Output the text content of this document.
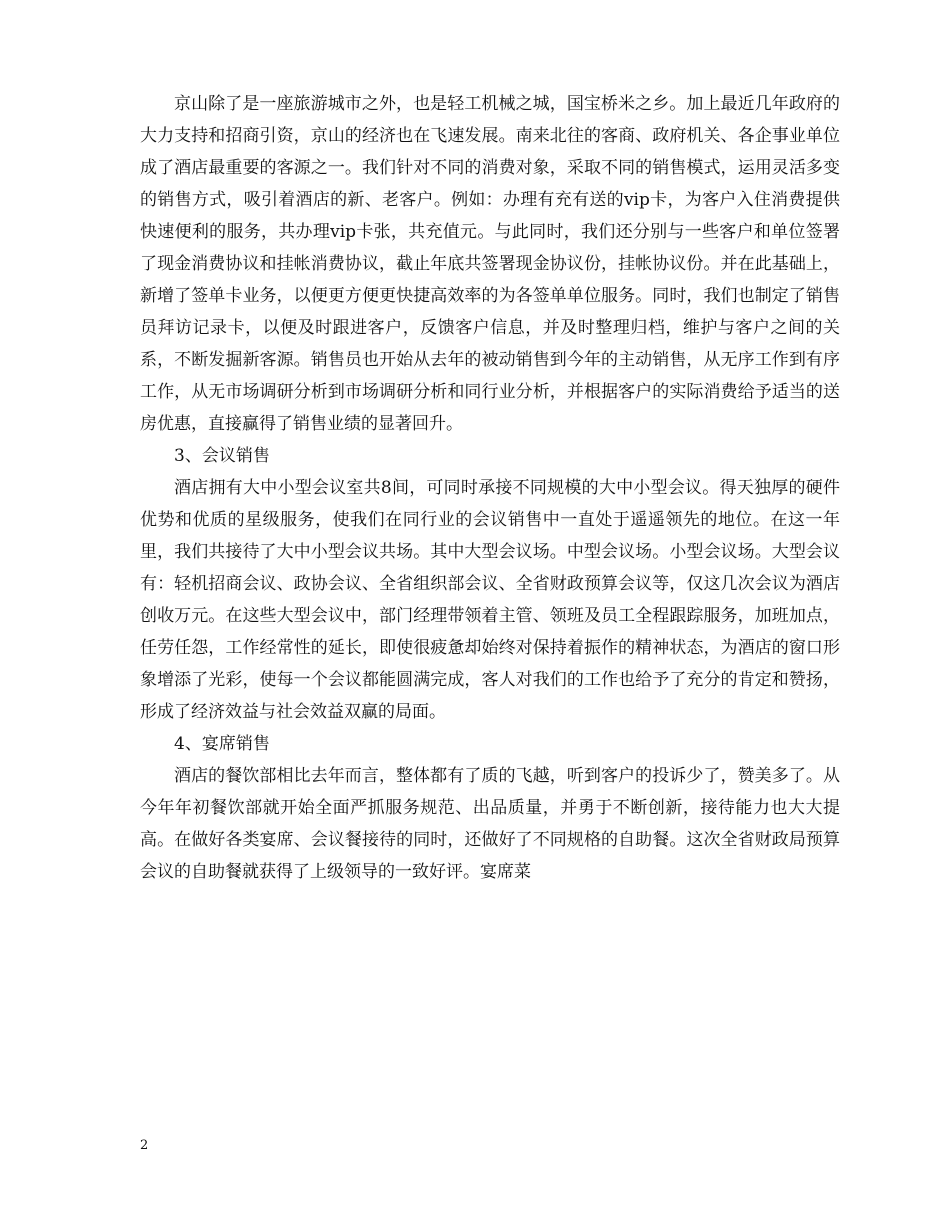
京山除了是一座旅游城市之外，也是轻工机械之城，国宝桥米之乡。加上最近几年政府的大力支持和招商引资，京山的经济也在飞速发展。南来北往的客商、政府机关、各企事业单位成了酒店最重要的客源之一。我们针对不同的消费对象，采取不同的销售模式，运用灵活多变的销售方式，吸引着酒店的新、老客户。例如：办理有充有送的vip卡，为客户入住消费提供快速便利的服务，共办理vip卡张，共充值元。与此同时，我们还分别与一些客户和单位签署了现金消费协议和挂帐消费协议，截止年底共签署现金协议份，挂帐协议份。并在此基础上，新增了签单卡业务，以便更方便更快捷高效率的为各签单单位服务。同时，我们也制定了销售员拜访记录卡，以便及时跟进客户，反馈客户信息，并及时整理归档，维护与客户之间的关系，不断发掘新客源。销售员也开始从去年的被动销售到今年的主动销售，从无序工作到有序工作，从无市场调研分析到市场调研分析和同行业分析，并根据客户的实际消费给予适当的送房优惠，直接赢得了销售业绩的显著回升。

3、会议销售

酒店拥有大中小型会议室共8间，可同时承接不同规模的大中小型会议。得天独厚的硬件优势和优质的星级服务，使我们在同行业的会议销售中一直处于遥遥领先的地位。在这一年里，我们共接待了大中小型会议共场。其中大型会议场。中型会议场。小型会议场。大型会议有：轻机招商会议、政协会议、全省组织部会议、全省财政预算会议等，仅这几次会议为酒店创收万元。在这些大型会议中，部门经理带领着主管、领班及员工全程跟踪服务，加班加点，任劳任怨，工作经常性的延长，即使很疲惫却始终对保持着振作的精神状态，为酒店的窗口形象增添了光彩，使每一个会议都能圆满完成，客人对我们的工作也给予了充分的肯定和赞扬，形成了经济效益与社会效益双赢的局面。

4、宴席销售

酒店的餐饮部相比去年而言，整体都有了质的飞越，听到客户的投诉少了，赞美多了。从今年年初餐饮部就开始全面严抓服务规范、出品质量，并勇于不断创新，接待能力也大大提高。在做好各类宴席、会议餐接待的同时，还做好了不同规格的自助餐。这次全省财政局预算会议的自助餐就获得了上级领导的一致好评。宴席菜

2
